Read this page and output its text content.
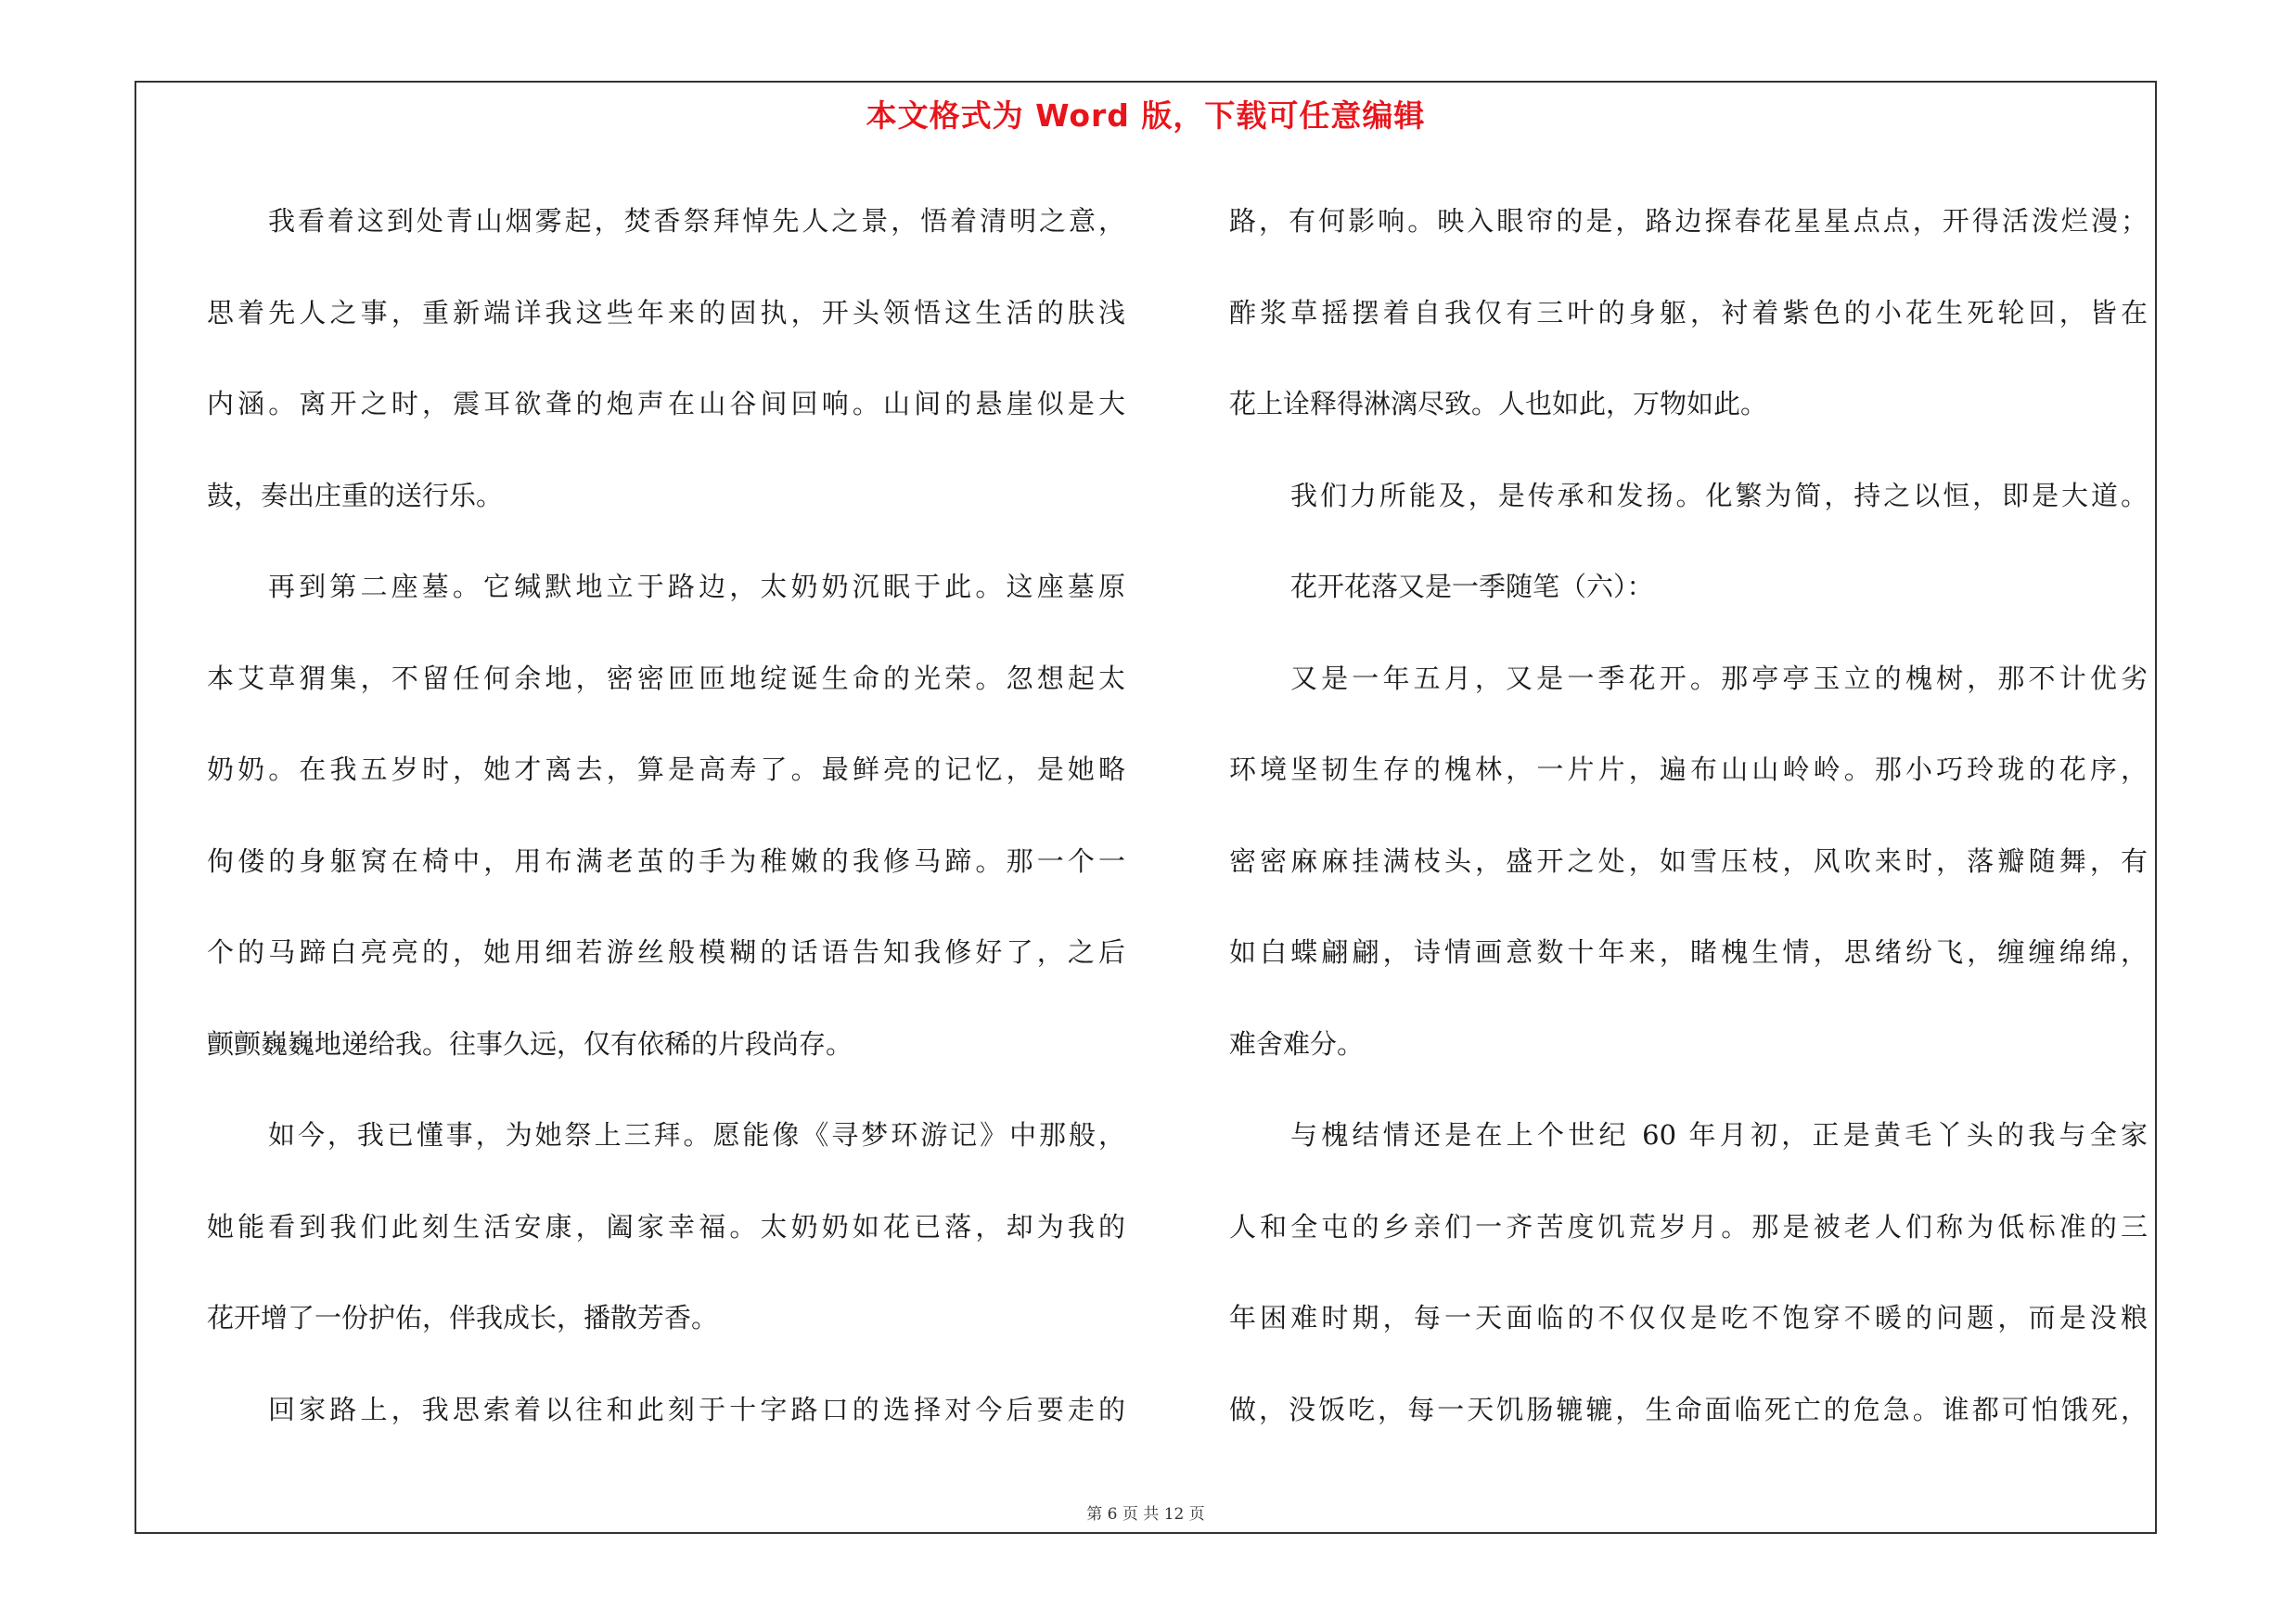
本文格式为 Word 版，下载可任意编辑
我看着这到处青山烟雾起，焚香祭拜悼先人之景，悟着清明之意，
思着先人之事，重新端详我这些年来的固执，开头领悟这生活的肤浅
内涵。离开之时，震耳欲聋的炮声在山谷间回响。山间的悬崖似是大
鼓，奏出庄重的送行乐。
再到第二座墓。它缄默地立于路边，太奶奶沉眠于此。这座墓原
本艾草猬集，不留任何余地，密密匝匝地绽诞生命的光荣。忽想起太
奶奶。在我五岁时，她才离去，算是高寿了。最鲜亮的记忆，是她略
佝偻的身躯窝在椅中，用布满老茧的手为稚嫩的我修马蹄。那一个一
个的马蹄白亮亮的，她用细若游丝般模糊的话语告知我修好了，之后
颤颤巍巍地递给我。往事久远，仅有依稀的片段尚存。
如今，我已懂事，为她祭上三拜。愿能像《寻梦环游记》中那般，
她能看到我们此刻生活安康，阖家幸福。太奶奶如花已落，却为我的
花开增了一份护佑，伴我成长，播散芳香。
回家路上，我思索着以往和此刻于十字路口的选择对今后要走的
路，有何影响。映入眼帘的是，路边探春花星星点点，开得活泼烂漫；
酢浆草摇摆着自我仅有三叶的身躯，衬着紫色的小花生死轮回，皆在
花上诠释得淋漓尽致。人也如此，万物如此。
我们力所能及，是传承和发扬。化繁为简，持之以恒，即是大道。
花开花落又是一季随笔（六）：
又是一年五月，又是一季花开。那亭亭玉立的槐树，那不计优劣
环境坚韧生存的槐林，一片片，遍布山山岭岭。那小巧玲珑的花序，
密密麻麻挂满枝头，盛开之处，如雪压枝，风吹来时，落瓣随舞，有
如白蝶翩翩，诗情画意数十年来，睹槐生情，思绪纷飞，缠缠绵绵，
难舍难分。
与槐结情还是在上个世纪 60 年月初，正是黄毛丫头的我与全家
人和全屯的乡亲们一齐苦度饥荒岁月。那是被老人们称为低标准的三
年困难时期，每一天面临的不仅仅是吃不饱穿不暖的问题，而是没粮
做，没饭吃，每一天饥肠辘辘，生命面临死亡的危急。谁都可怕饿死，
第 6 页 共 12 页
